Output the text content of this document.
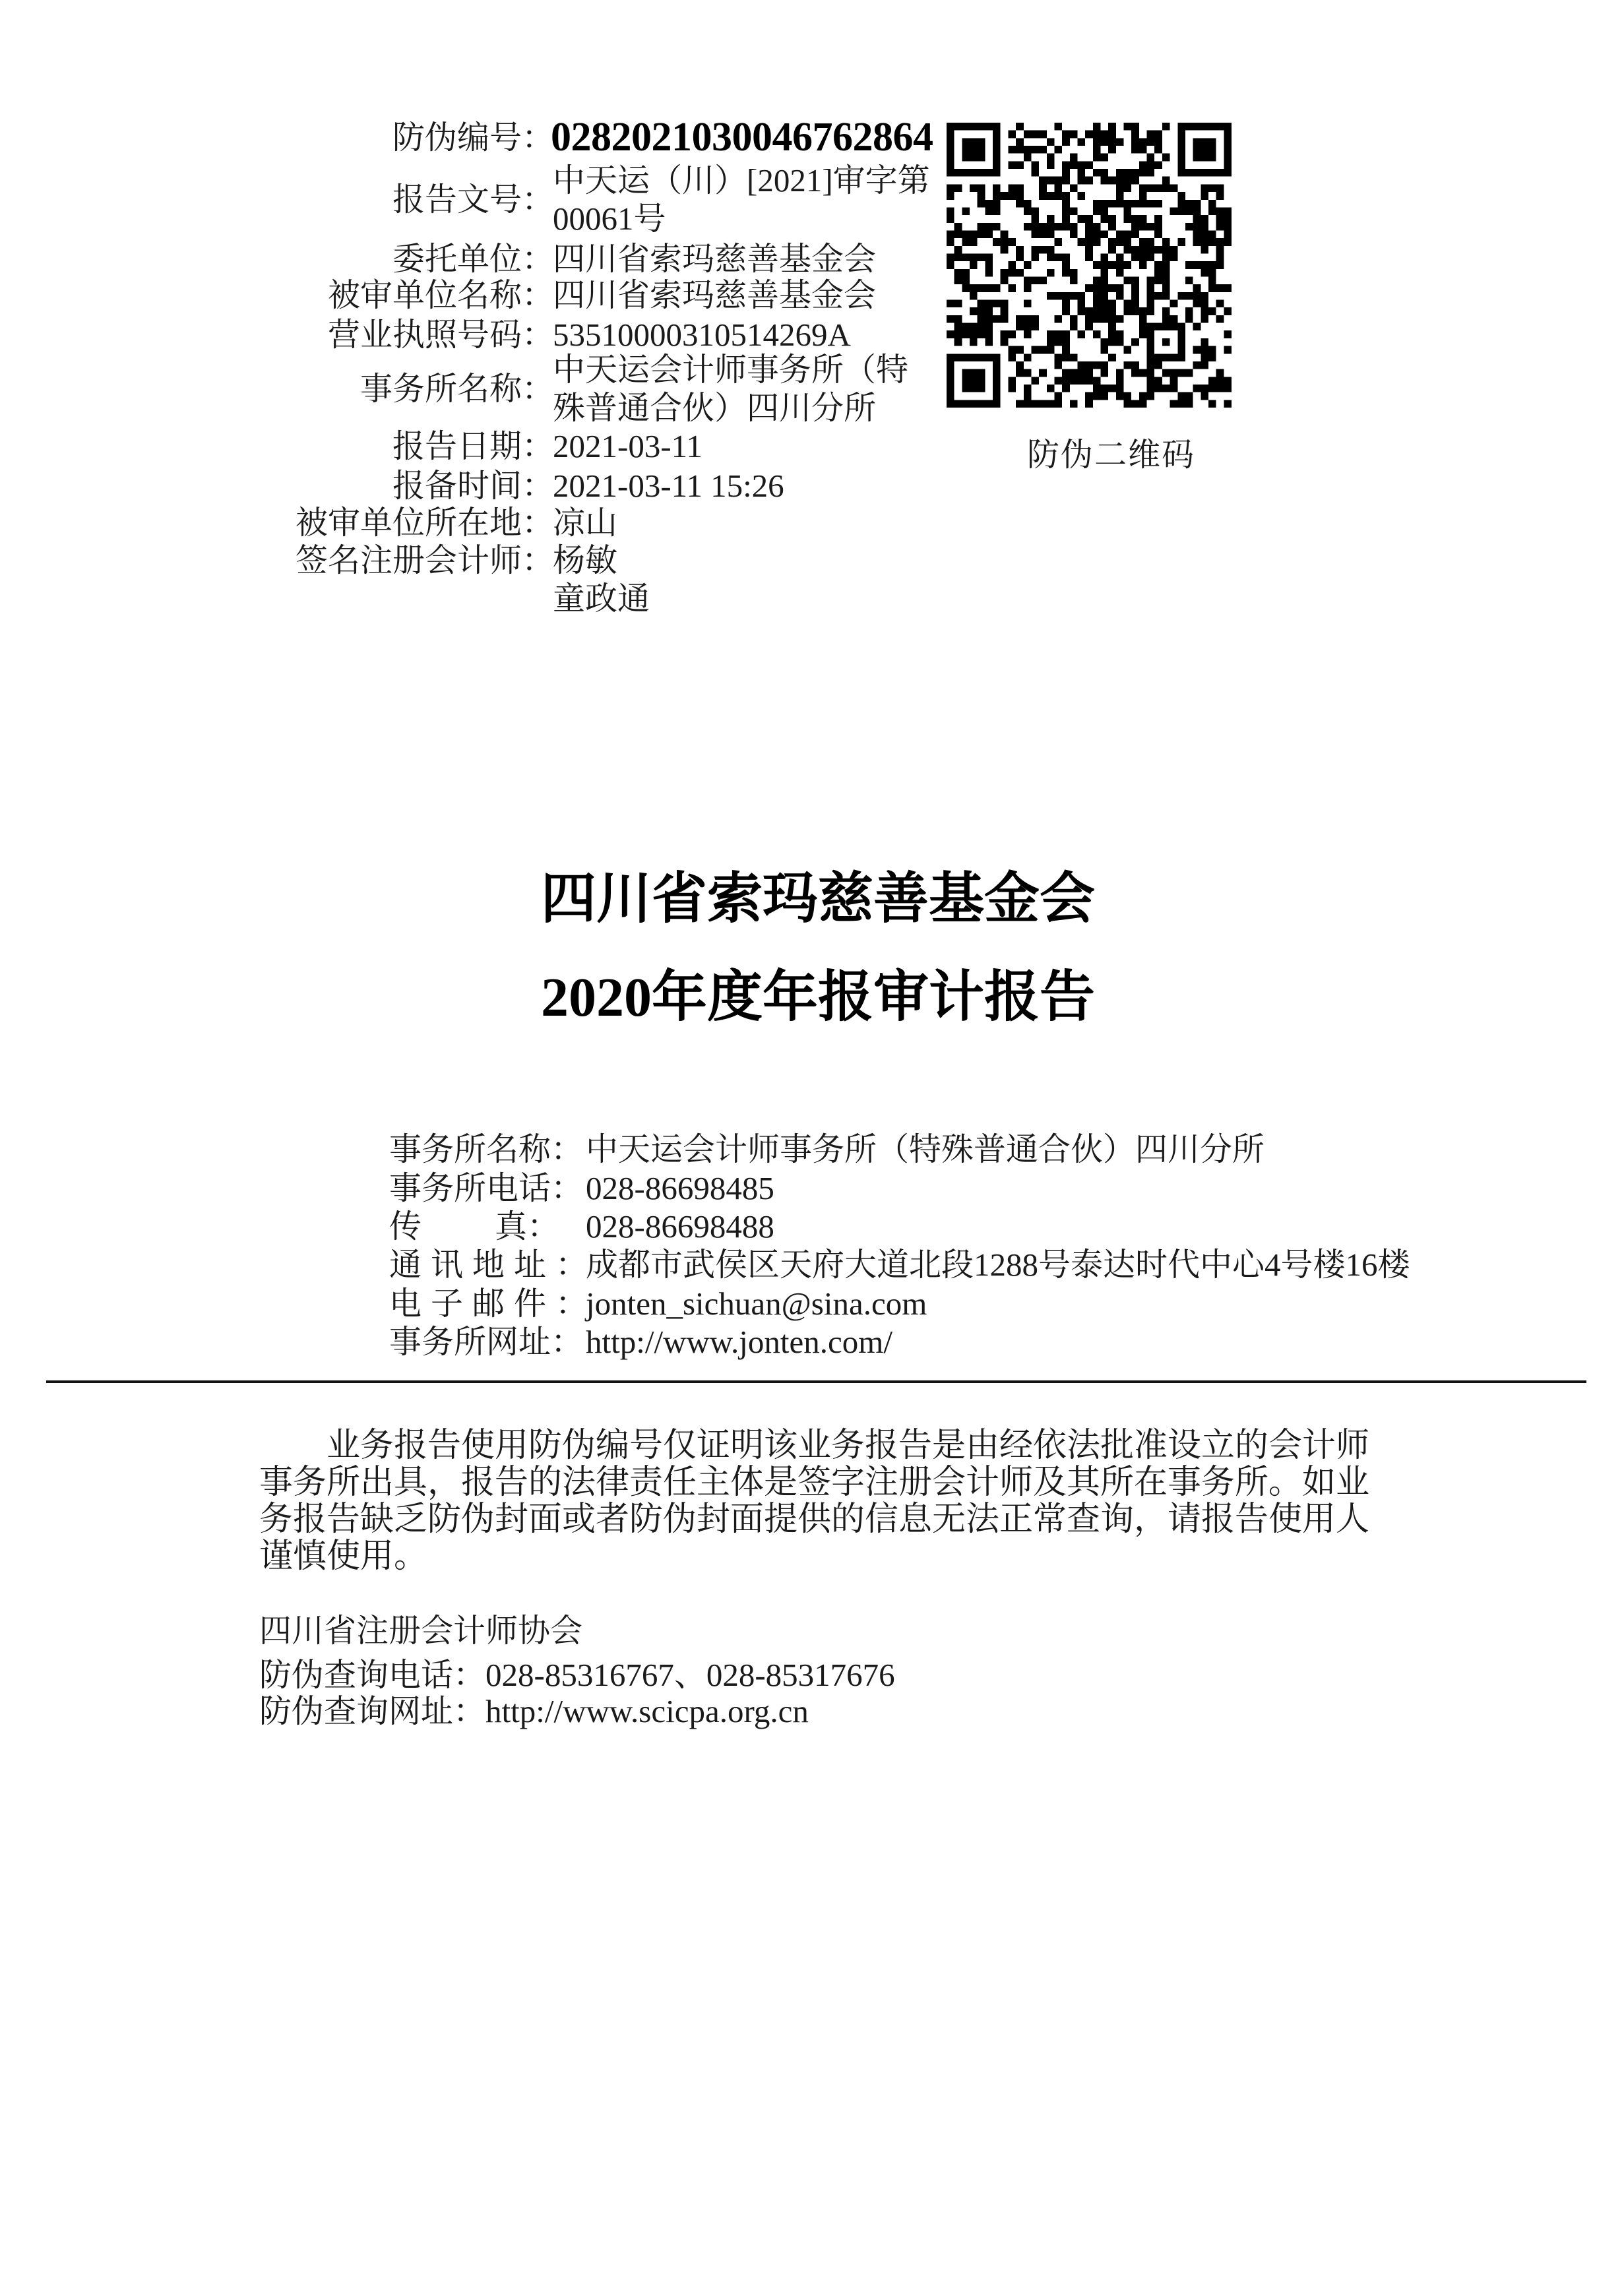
防伪编号：
0282021030046762864
报告文号：
中天运（川）[2021]审字第
00061号
委托单位：
四川省索玛慈善基金会
被审单位名称：
四川省索玛慈善基金会
营业执照号码：
53510000310514269A
事务所名称：
中天运会计师事务所（特
殊普通合伙）四川分所
报告日期：
2021-03-11
报备时间：
2021-03-11 15:26
被审单位所在地：
凉山
签名注册会计师：
杨敏
童政通
防伪二维码
四川省索玛慈善基金会
2020年度年报审计报告
事务所名称： 中天运会计师事务所（特殊普通合伙）四川分所
事务所电话： 028-86698485
传 真： 028-86698488
通讯地址：
成都市武侯区天府大道北段1288号泰达时代中心4号楼16楼
电子邮件：
jonten_sichuan@sina.com
事务所网址： http://www.jonten.com/

业务报告使用防伪编号仅证明该业务报告是由经依法批准设立的会计师事务所出具，报告的法律责任主体是签字注册会计师及其所在事务所。如业务报告缺乏防伪封面或者防伪封面提供的信息无法正常查询，请报告使用人谨慎使用。

四川省注册会计师协会
防伪查询电话：028-85316767、028-85317676
防伪查询网址：http://www.scicpa.org.cn
